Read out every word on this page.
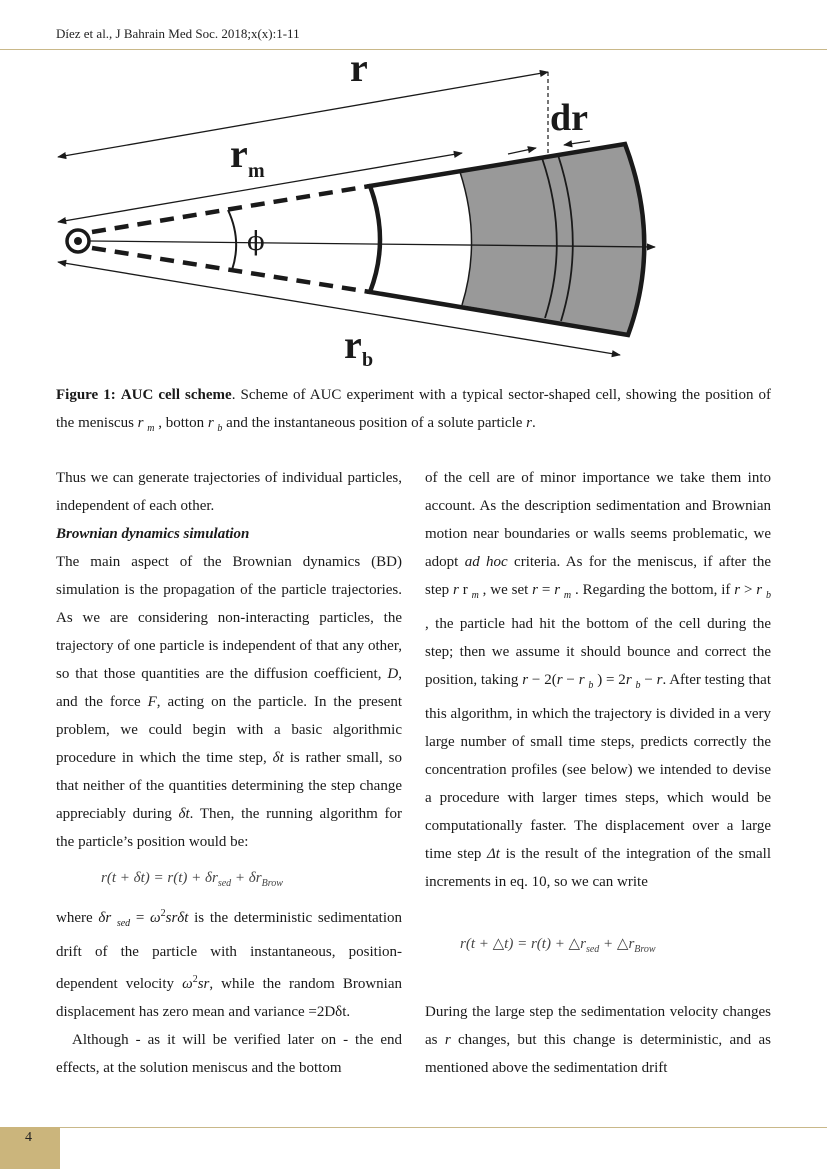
Díez et al., J Bahrain Med Soc. 2018;x(x):1-11
r
r m
dr
r b
ϕ
Figure 1: AUC cell scheme. Scheme of AUC experiment with a typical sector-shaped cell, showing the position of the meniscus r $_m$ , botton r $_b$ and the instantaneous position of a solute particle r.

Thus we can generate trajectories of individual particles, independent of each other.

Brownian dynamics simulation

The main aspect of the Brownian dynamics (BD) simulation is the propagation of the particle trajectories. As we are considering non-interacting particles, the trajectory of one particle is independent of that any other, so that those quantities are the diffusion coefficient, D, and the force F, acting on the particle. In the present problem, we could begin with a basic algorithmic procedure in which the time step, δt is rather small, so that neither of the quantities determining the step change appreciably during δt. Then, the running algorithm for the particle’s position would be:

$r(t + \delta t) = r(t) + \delta r_{sed} + \delta r_{Brow}$

where δr $_{sed} = \omega^2sr\delta t$ is the deterministic sedimentation drift of the particle with instantaneous, position-dependent velocity $\omega^2sr$, while the random Brownian displacement has zero mean and variance =2Dδt.

Although - as it will be verified later on - the end effects, at the solution meniscus and the bottom

of the cell are of minor importance we take them into account. As the description sedimentation and Brownian motion near boundaries or walls seems problematic, we adopt ad hoc criteria. As for the meniscus, if after the step r r $_m$ , we set r = r $_m$ . Regarding the bottom, if r > r $_b$ , the particle had hit the bottom of the cell during the step; then we assume it should bounce and correct the position, taking r − 2(r − r $_b$ ) = 2r $_b$ − r. After testing that this algorithm, in which the trajectory is divided in a very large number of small time steps, predicts correctly the concentration profiles (see below) we intended to devise a procedure with larger times steps, which would be computationally faster. The displacement over a large time step Δt is the result of the integration of the small increments in eq. 10, so we can write

r(t + △t) = $r(t) + \triangle r_{sed}$ + $\triangle r_{Brow}$

During the large step the sedimentation velocity changes as r changes, but this change is deterministic, and as mentioned above the sedimentation drift

4
